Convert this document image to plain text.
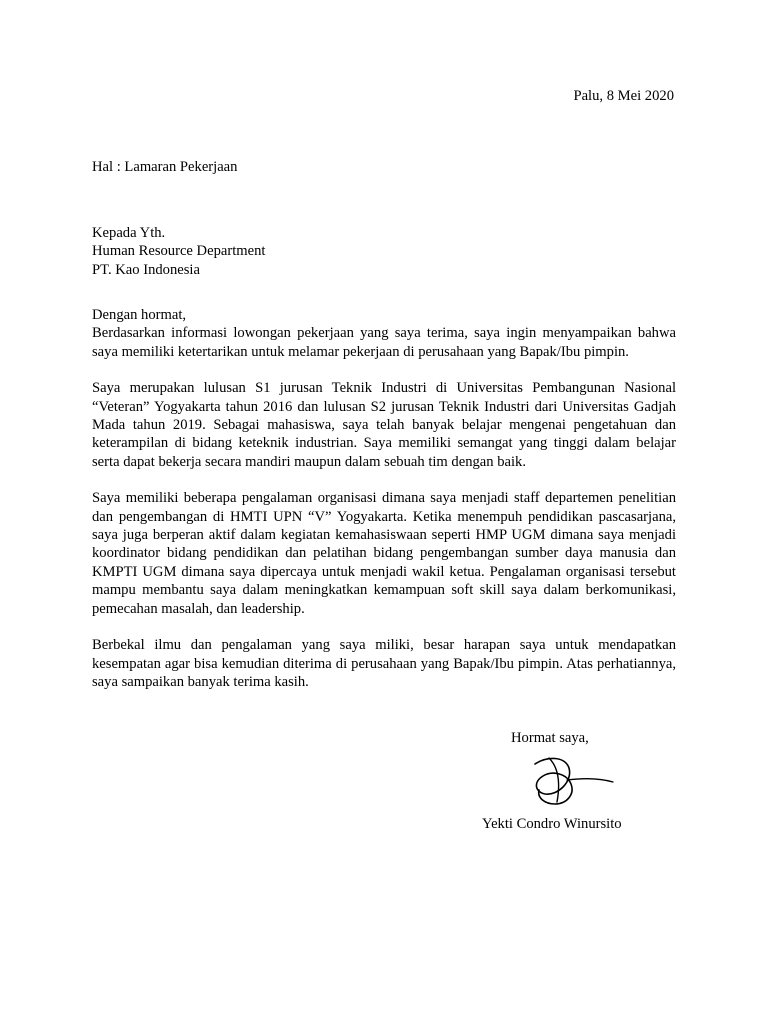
Palu, 8 Mei 2020
Hal : Lamaran Pekerjaan
Kepada Yth.
Human Resource Department
PT. Kao Indonesia

Dengan hormat,

Berdasarkan informasi lowongan pekerjaan yang saya terima, saya ingin menyampaikan bahwa saya memiliki ketertarikan untuk melamar pekerjaan di perusahaan yang Bapak/Ibu pimpin.

Saya merupakan lulusan S1 jurusan Teknik Industri di Universitas Pembangunan Nasional “Veteran” Yogyakarta tahun 2016 dan lulusan S2 jurusan Teknik Industri dari Universitas Gadjah Mada tahun 2019. Sebagai mahasiswa, saya telah banyak belajar mengenai pengetahuan dan keterampilan di bidang keteknik industrian. Saya memiliki semangat yang tinggi dalam belajar serta dapat bekerja secara mandiri maupun dalam sebuah tim dengan baik.

Saya memiliki beberapa pengalaman organisasi dimana saya menjadi staff departemen penelitian dan pengembangan di HMTI UPN “V” Yogyakarta. Ketika menempuh pendidikan pascasarjana, saya juga berperan aktif dalam kegiatan kemahasiswaan seperti HMP UGM dimana saya menjadi koordinator bidang pendidikan dan pelatihan bidang pengembangan sumber daya manusia dan KMPTI UGM dimana saya dipercaya untuk menjadi wakil ketua. Pengalaman organisasi tersebut mampu membantu saya dalam meningkatkan kemampuan soft skill saya dalam berkomunikasi, pemecahan masalah, dan leadership.

Berbekal ilmu dan pengalaman yang saya miliki, besar harapan saya untuk mendapatkan kesempatan agar bisa kemudian diterima di perusahaan yang Bapak/Ibu pimpin. Atas perhatiannya, saya sampaikan banyak terima kasih.

Hormat saya,
Yekti Condro Winursito
